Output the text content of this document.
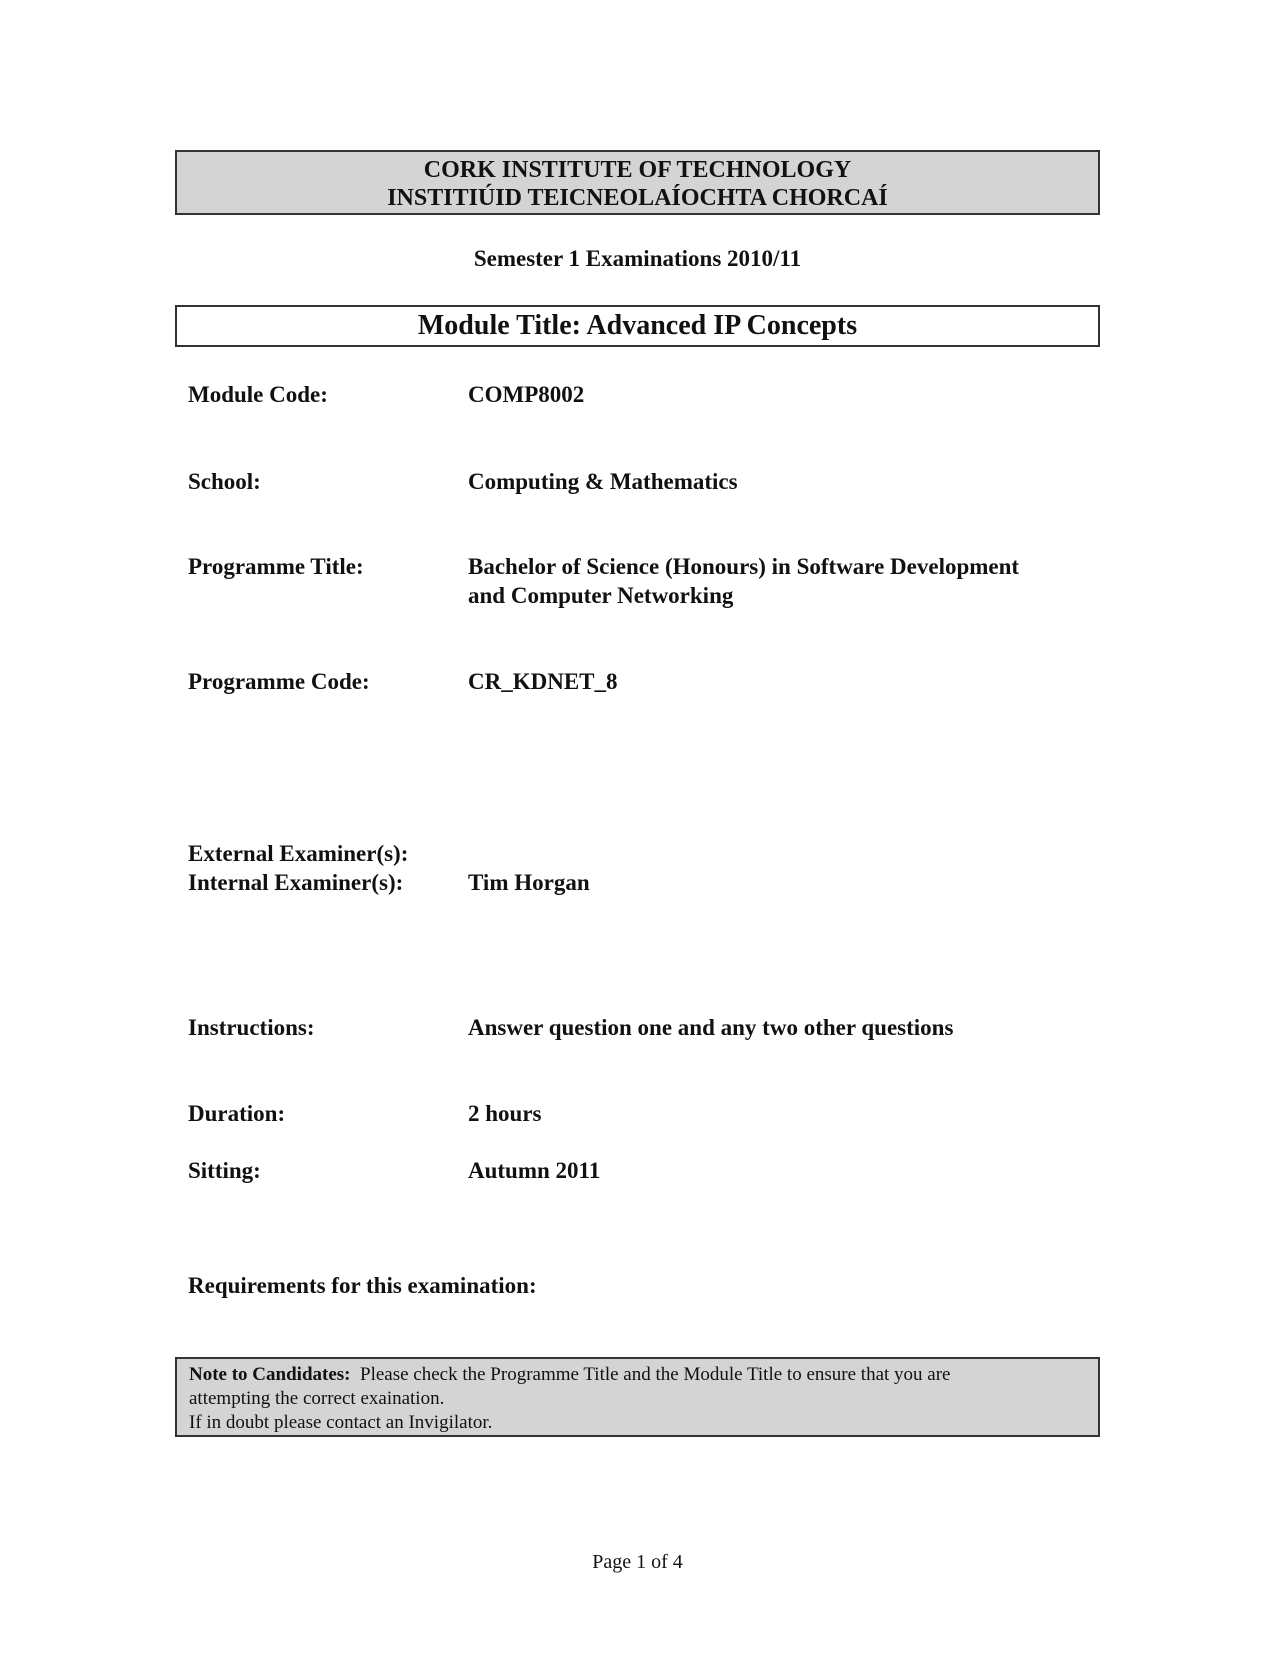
CORK INSTITUTE OF TECHNOLOGY
INSTITIÚID TEICNEOLAÍOCHTA CHORCAÍ
Semester 1 Examinations 2010/11
Module Title: Advanced IP Concepts
Module Code:	COMP8002
School:	Computing & Mathematics
Programme Title:	Bachelor of Science (Honours) in Software Development
and Computer Networking
Programme Code:	CR_KDNET_8
External Examiner(s):
Internal Examiner(s):	Tim Horgan
Instructions:	Answer question one and any two other questions
Duration:	2 hours
Sitting:	Autumn 2011
Requirements for this examination:
Note to Candidates: Please check the Programme Title and the Module Title to ensure that you are
attempting the correct exaination.
If in doubt please contact an Invigilator.
Page 1 of 4
